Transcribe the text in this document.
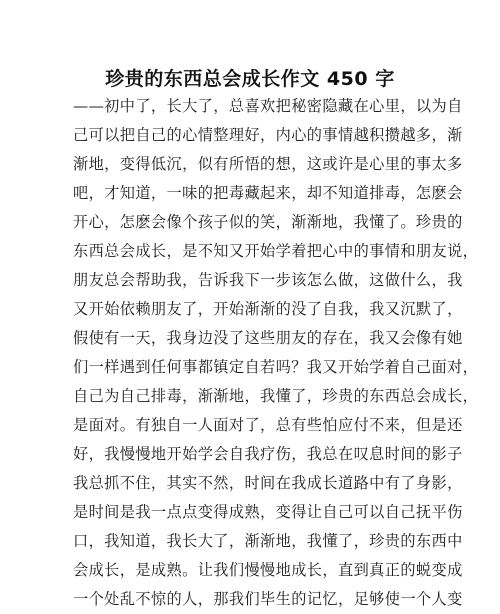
珍贵的东西总会成长作文 450 字
——初中了，长大了，总喜欢把秘密隐藏在心里，以为自
己可以把自己的心情整理好，内心的事情越积攒越多，渐
渐地，变得低沉，似有所悟的想，这或许是心里的事太多
吧，才知道，一味的把毒藏起来，却不知道排毒，怎麽会
开心，怎麽会像个孩子似的笑，渐渐地，我懂了。珍贵的
东西总会成长，是不知又开始学着把心中的事情和朋友说，
朋友总会帮助我，告诉我下一步该怎么做，这做什么，我
又开始依赖朋友了，开始渐渐的没了自我，我又沉默了，
假使有一天，我身边没了这些朋友的存在，我又会像有她
们一样遇到任何事都镇定自若吗？我又开始学着自己面对，
自己为自己排毒，渐渐地，我懂了，珍贵的东西总会成长，
是面对。有独自一人面对了，总有些怕应付不来，但是还
好，我慢慢地开始学会自我疗伤，我总在叹息时间的影子
我总抓不住，其实不然，时间在我成长道路中有了身影，
是时间是我一点点变得成熟，变得让自己可以自己抚平伤
口，我知道，我长大了，渐渐地，我懂了，珍贵的东西中
会成长，是成熟。让我们慢慢地成长，直到真正的蜕变成
一个处乱不惊的人，那我们毕生的记忆，足够使一个人变
